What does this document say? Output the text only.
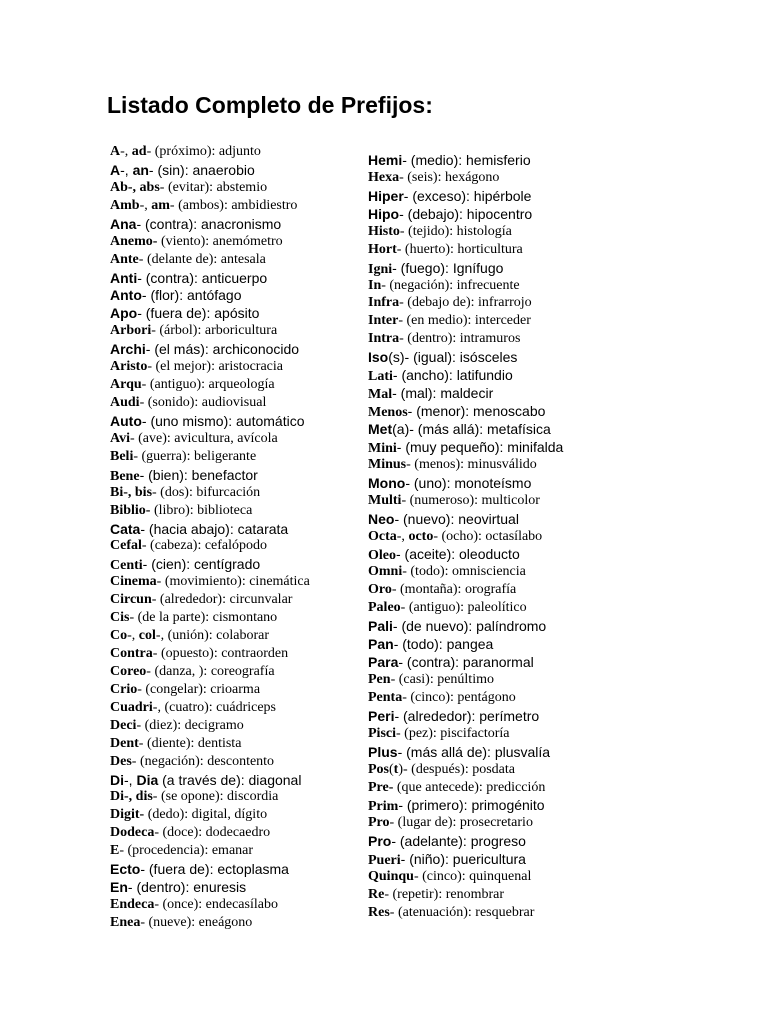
Listado Completo de Prefijos:
A-, ad- (próximo): adjunto
A-, an- (sin): anaerobio
Ab-, abs- (evitar): abstemio
Amb-, am- (ambos): ambidiestro
Ana- (contra): anacronismo
Anemo- (viento): anemómetro
Ante- (delante de): antesala
Anti- (contra): anticuerpo
Anto- (flor): antófago
Apo- (fuera de): apósito
Arbori- (árbol): arboricultura
Archi- (el más): archiconocido
Aristo- (el mejor): aristocracia
Arqu- (antiguo): arqueología
Audi- (sonido): audiovisual
Auto- (uno mismo): automático
Avi- (ave): avicultura, avícola
Beli- (guerra): beligerante
Bene- (bien): benefactor
Bi-, bis- (dos): bifurcación
Biblio- (libro): biblioteca
Cata- (hacia abajo): catarata
Cefal- (cabeza): cefalópodo
Centi- (cien): centígrado
Cinema- (movimiento): cinemática
Circun- (alrededor): circunvalar
Cis- (de la parte): cismontano
Co-, col-, (unión): colaborar
Contra- (opuesto): contraorden
Coreo- (danza, ): coreografía
Crio- (congelar): crioarma
Cuadri-, (cuatro): cuádriceps
Deci- (diez): decigramo
Dent- (diente): dentista
Des- (negación): descontento
Di-, Dia (a través de): diagonal
Di-, dis- (se opone): discordia
Digit- (dedo): digital, dígito
Dodeca- (doce): dodecaedro
E- (procedencia): emanar
Ecto- (fuera de): ectoplasma
En- (dentro): enuresis
Endeca- (once): endecasílabo
Enea- (nueve): eneágono
Hemi- (medio): hemisferio
Hexa- (seis): hexágono
Hiper- (exceso): hipérbole
Hipo- (debajo): hipocentro
Histo- (tejido): histología
Hort- (huerto): horticultura
Igni- (fuego): Ignífugo
In- (negación): infrecuente
Infra- (debajo de): infrarrojo
Inter- (en medio): interceder
Intra- (dentro): intramuros
Iso(s)- (igual): isósceles
Lati- (ancho): latifundio
Mal- (mal): maldecir
Menos- (menor): menoscabo
Met(a)- (más allá): metafísica
Mini- (muy pequeño): minifalda
Minus- (menos): minusválido
Mono- (uno): monoteísmo
Multi- (numeroso): multicolor
Neo- (nuevo): neovirtual
Octa-, octo- (ocho): octasílabo
Oleo- (aceite): oleoducto
Omni- (todo): omnisciencia
Oro- (montaña): orografía
Paleo- (antiguo): paleolítico
Pali- (de nuevo): palíndromo
Pan- (todo): pangea
Para- (contra): paranormal
Pen- (casi): penúltimo
Penta- (cinco): pentágono
Peri- (alrededor): perímetro
Pisci- (pez): piscifactoría
Plus- (más allá de): plusvalía
Pos(t)- (después): posdata
Pre- (que antecede): predicción
Prim- (primero): primogénito
Pro- (lugar de): prosecretario
Pro- (adelante): progreso
Pueri- (niño): puericultura
Quinqu- (cinco): quinquenal
Re- (repetir): renombrar
Res- (atenuación): resquebrar
